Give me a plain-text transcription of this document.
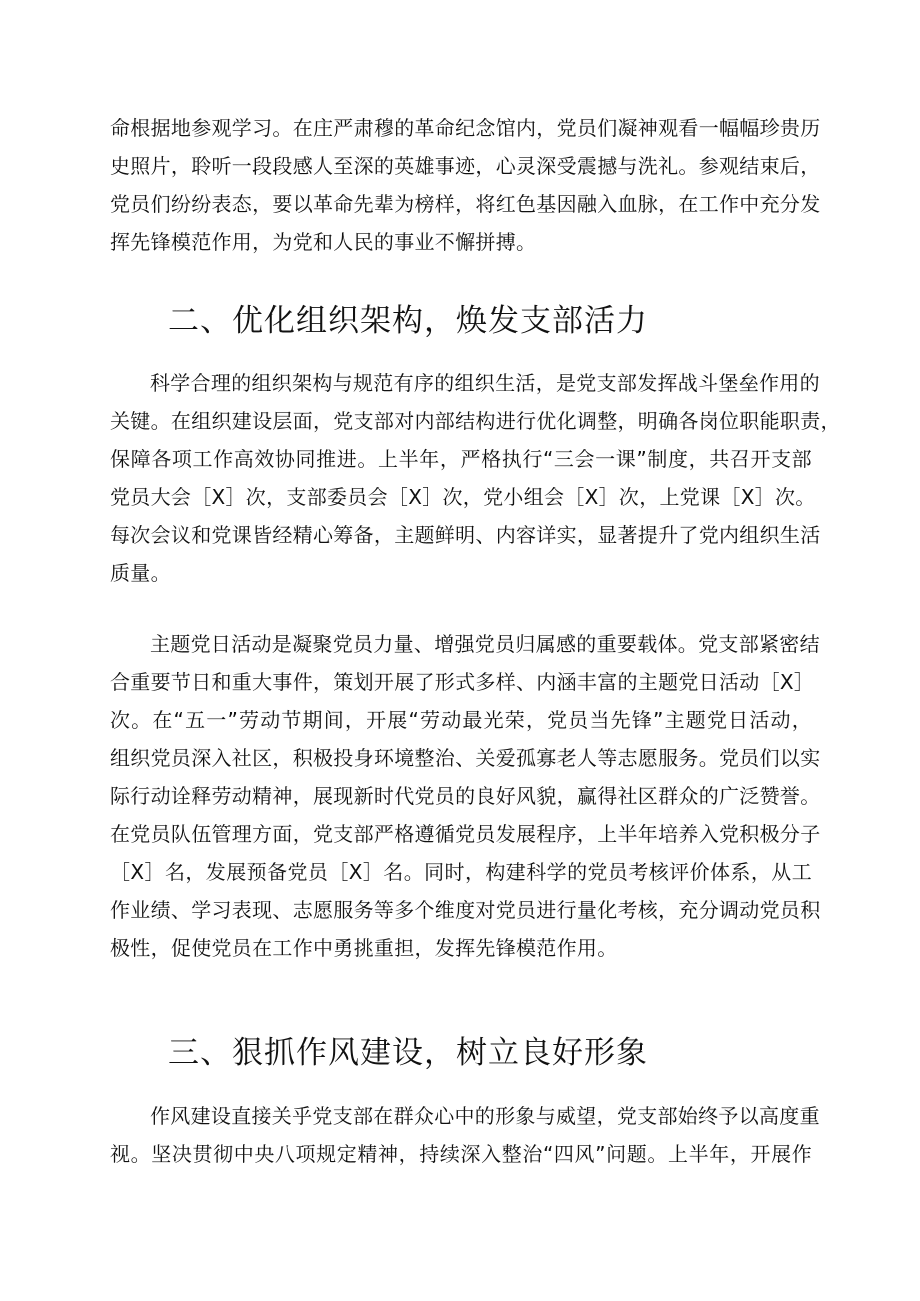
命根据地参观学习。在庄严肃穆的革命纪念馆内，党员们凝神观看一幅幅珍贵历
史照片，聆听一段段感人至深的英雄事迹，心灵深受震撼与洗礼。参观结束后，
党员们纷纷表态，要以革命先辈为榜样，将红色基因融入血脉，在工作中充分发
挥先锋模范作用，为党和人民的事业不懈拼搏。
二、优化组织架构，焕发支部活力
科学合理的组织架构与规范有序的组织生活，是党支部发挥战斗堡垒作用的
关键。在组织建设层面，党支部对内部结构进行优化调整，明确各岗位职能职责，
保障各项工作高效协同推进。上半年，严格执行“三会一课”制度，共召开支部
党员大会［X］次，支部委员会［X］次，党小组会［X］次，上党课［X］次。
每次会议和党课皆经精心筹备，主题鲜明、内容详实，显著提升了党内组织生活
质量。
主题党日活动是凝聚党员力量、增强党员归属感的重要载体。党支部紧密结
合重要节日和重大事件，策划开展了形式多样、内涵丰富的主题党日活动［X］
次。在“五一”劳动节期间，开展“劳动最光荣，党员当先锋”主题党日活动，
组织党员深入社区，积极投身环境整治、关爱孤寡老人等志愿服务。党员们以实
际行动诠释劳动精神，展现新时代党员的良好风貌，赢得社区群众的广泛赞誉。
在党员队伍管理方面，党支部严格遵循党员发展程序，上半年培养入党积极分子
［X］名，发展预备党员［X］名。同时，构建科学的党员考核评价体系，从工
作业绩、学习表现、志愿服务等多个维度对党员进行量化考核，充分调动党员积
极性，促使党员在工作中勇挑重担，发挥先锋模范作用。
三、狠抓作风建设，树立良好形象
作风建设直接关乎党支部在群众心中的形象与威望，党支部始终予以高度重
视。坚决贯彻中央八项规定精神，持续深入整治“四风”问题。上半年，开展作
